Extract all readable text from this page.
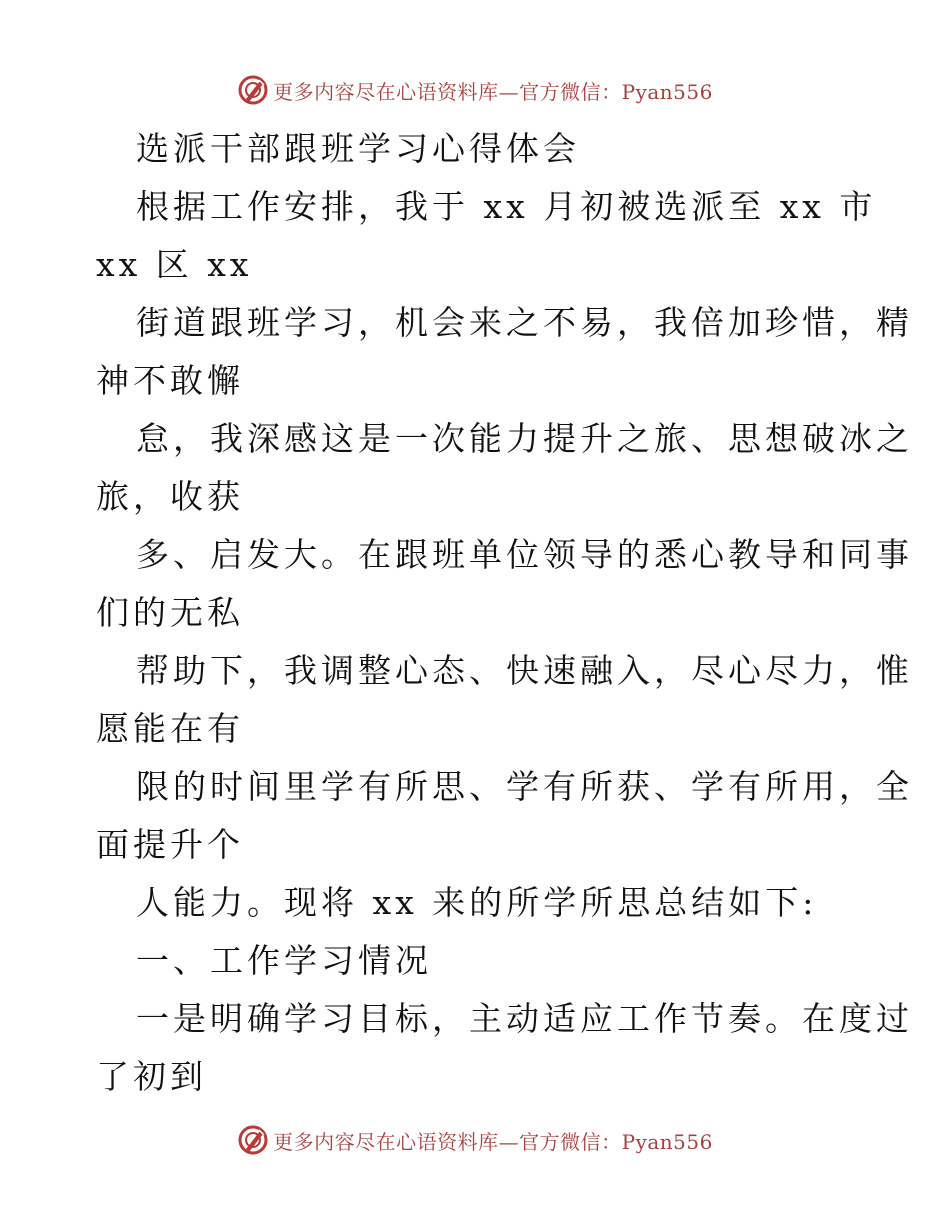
更多内容尽在心语资料库—官方微信：Pyan556
选派干部跟班学习心得体会
根据工作安排，我于 xx 月初被选派至 xx 市
xx 区 xx
街道跟班学习，机会来之不易，我倍加珍惜，精
神不敢懈
怠，我深感这是一次能力提升之旅、思想破冰之
旅，收获
多、启发大。在跟班单位领导的悉心教导和同事
们的无私
帮助下，我调整心态、快速融入，尽心尽力，惟
愿能在有
限的时间里学有所思、学有所获、学有所用，全
面提升个
人能力。现将 xx 来的所学所思总结如下:
一、工作学习情况
一是明确学习目标，主动适应工作节奏。在度过
了初到
更多内容尽在心语资料库—官方微信：Pyan556
